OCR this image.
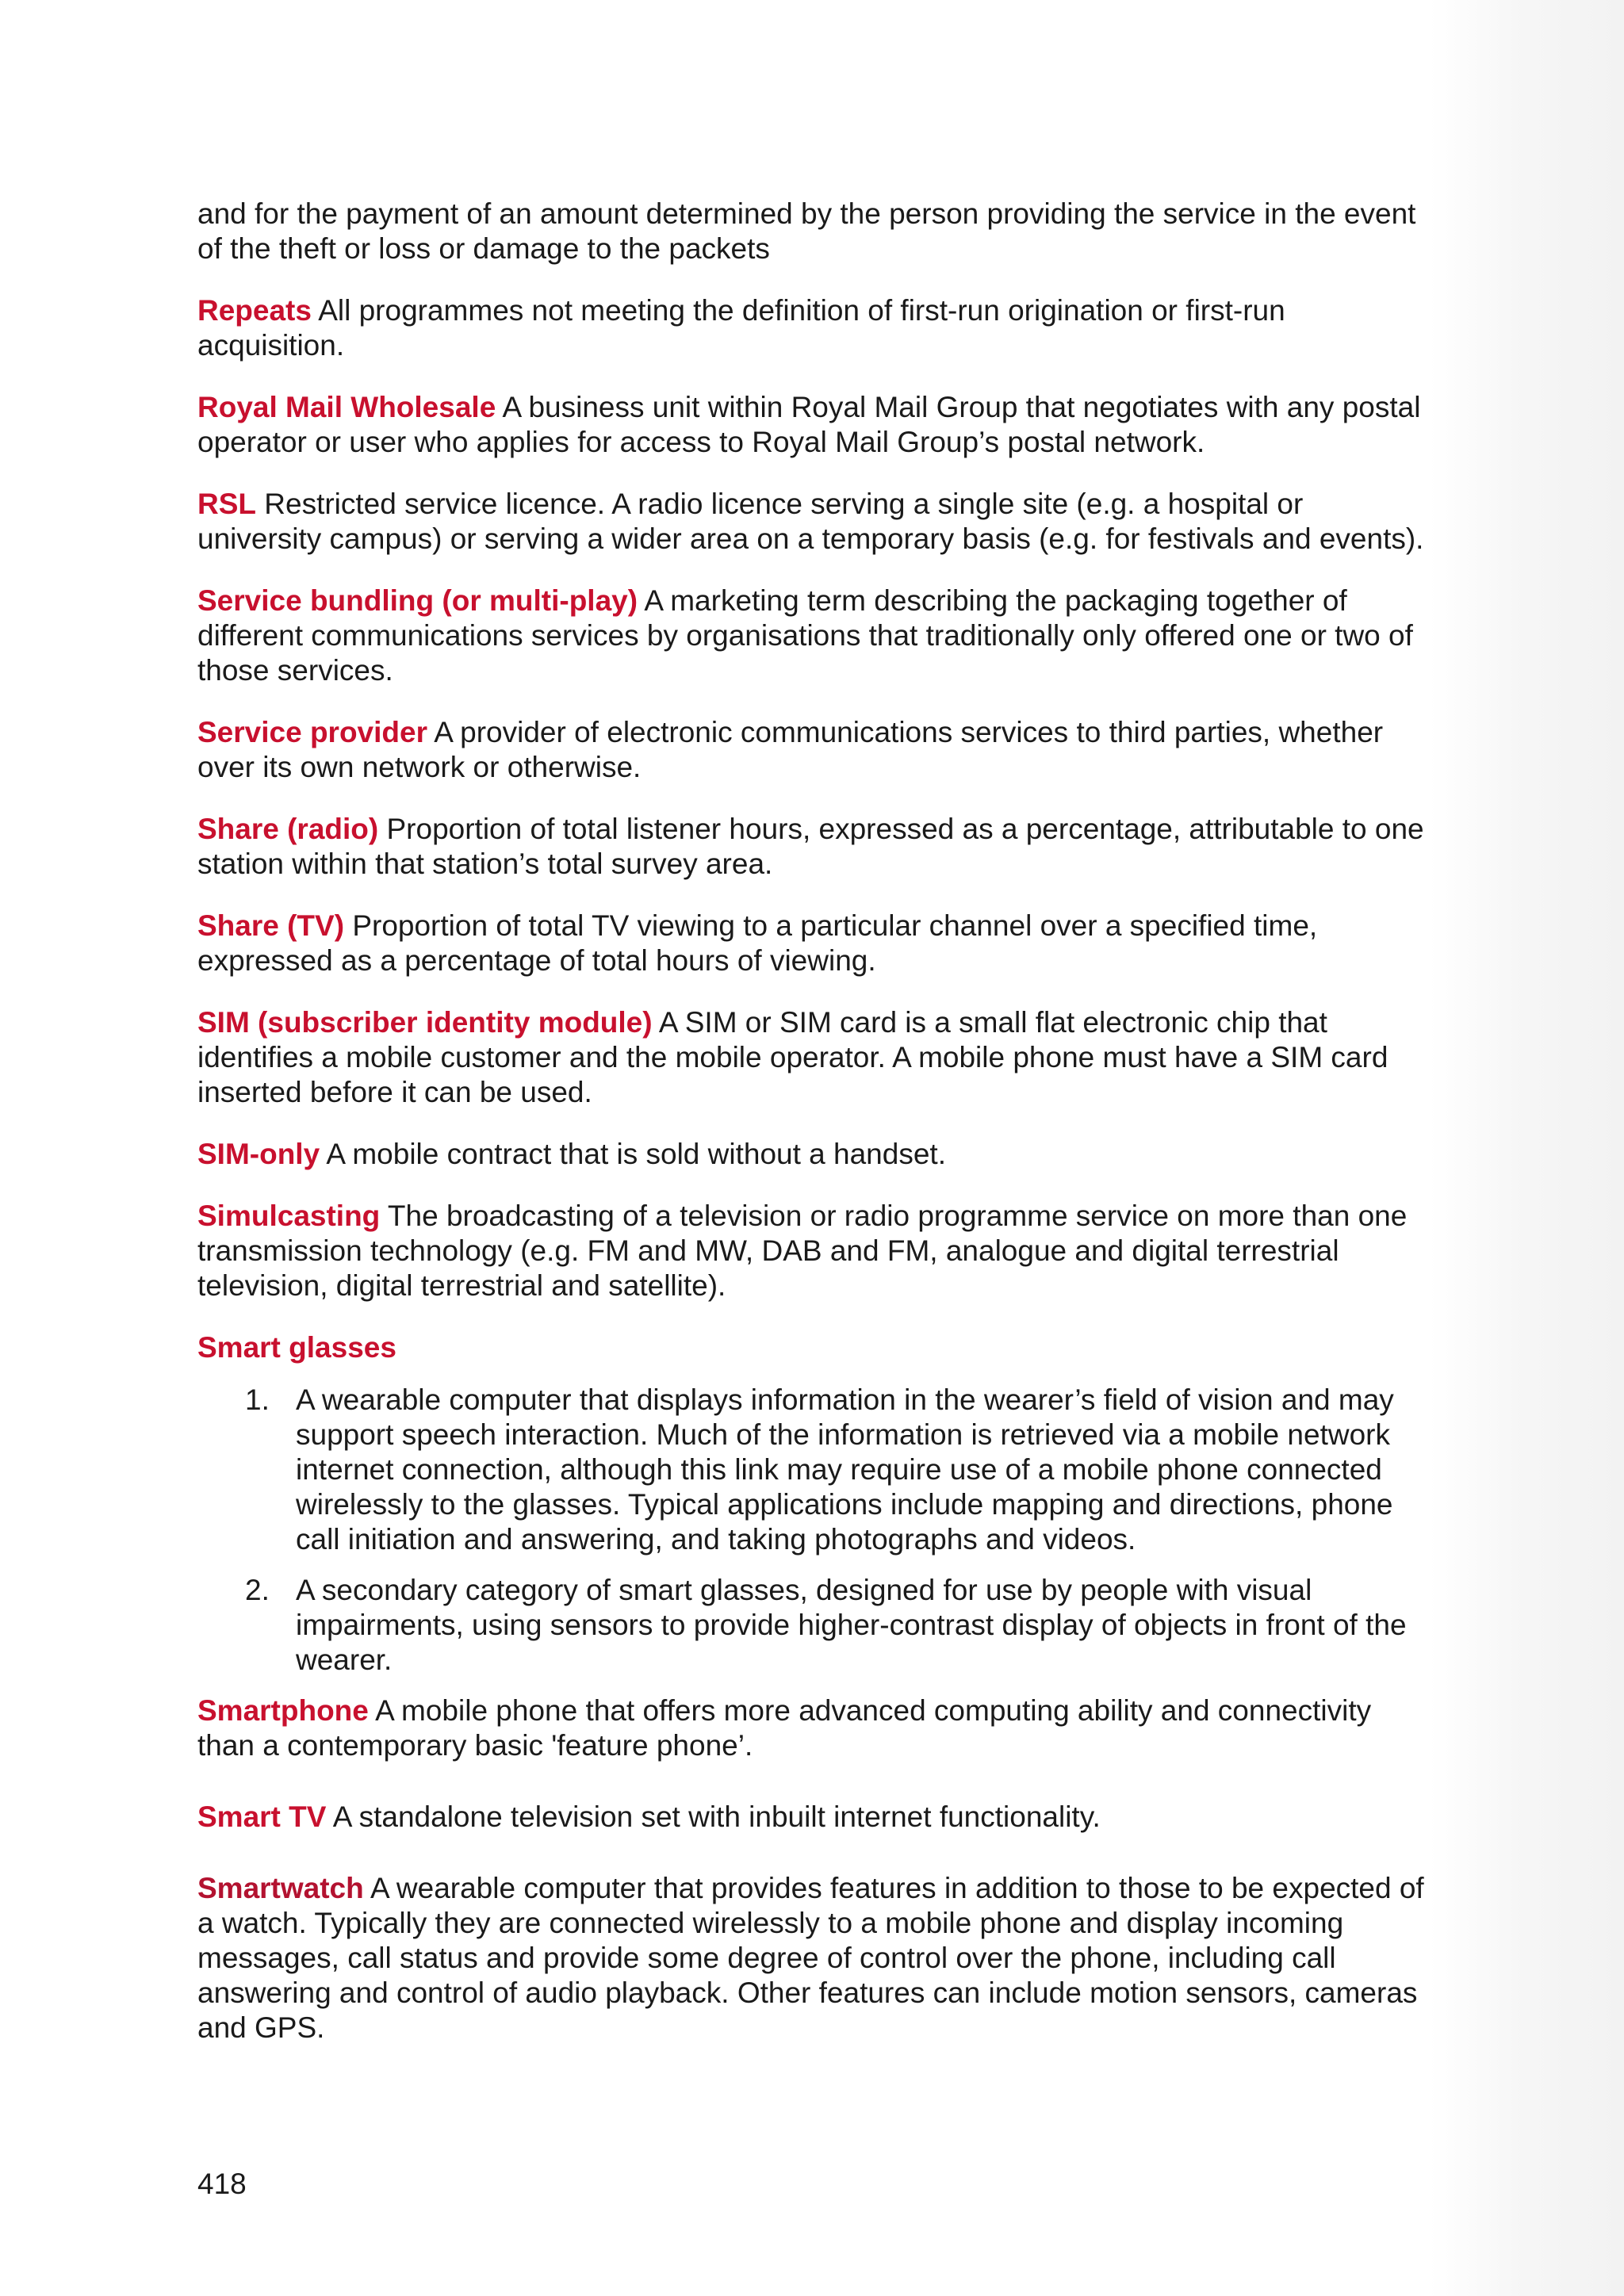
and for the payment of an amount determined by the person providing the service in the event of the theft or loss or damage to the packets

Repeats All programmes not meeting the definition of first-run origination or first-run acquisition.

Royal Mail Wholesale A business unit within Royal Mail Group that negotiates with any postal operator or user who applies for access to Royal Mail Group’s postal network.

RSL Restricted service licence. A radio licence serving a single site (e.g. a hospital or university campus) or serving a wider area on a temporary basis (e.g. for festivals and events).

Service bundling (or multi-play) A marketing term describing the packaging together of different communications services by organisations that traditionally only offered one or two of those services.

Service provider A provider of electronic communications services to third parties, whether over its own network or otherwise.

Share (radio) Proportion of total listener hours, expressed as a percentage, attributable to one station within that station’s total survey area.

Share (TV) Proportion of total TV viewing to a particular channel over a specified time, expressed as a percentage of total hours of viewing.

SIM (subscriber identity module) A SIM or SIM card is a small flat electronic chip that identifies a mobile customer and the mobile operator. A mobile phone must have a SIM card inserted before it can be used.

SIM-only A mobile contract that is sold without a handset.

Simulcasting The broadcasting of a television or radio programme service on more than one transmission technology (e.g. FM and MW, DAB and FM, analogue and digital terrestrial television, digital terrestrial and satellite).

Smart glasses
1. A wearable computer that displays information in the wearer’s field of vision and may support speech interaction. Much of the information is retrieved via a mobile network internet connection, although this link may require use of a mobile phone connected wirelessly to the glasses. Typical applications include mapping and directions, phone call initiation and answering, and taking photographs and videos.
2. A secondary category of smart glasses, designed for use by people with visual impairments, using sensors to provide higher-contrast display of objects in front of the wearer.

Smartphone A mobile phone that offers more advanced computing ability and connectivity than a contemporary basic 'feature phone’.

Smart TV A standalone television set with inbuilt internet functionality.

Smartwatch A wearable computer that provides features in addition to those to be expected of a watch. Typically they are connected wirelessly to a mobile phone and display incoming messages, call status and provide some degree of control over the phone, including call answering and control of audio playback. Other features can include motion sensors, cameras and GPS.

418
